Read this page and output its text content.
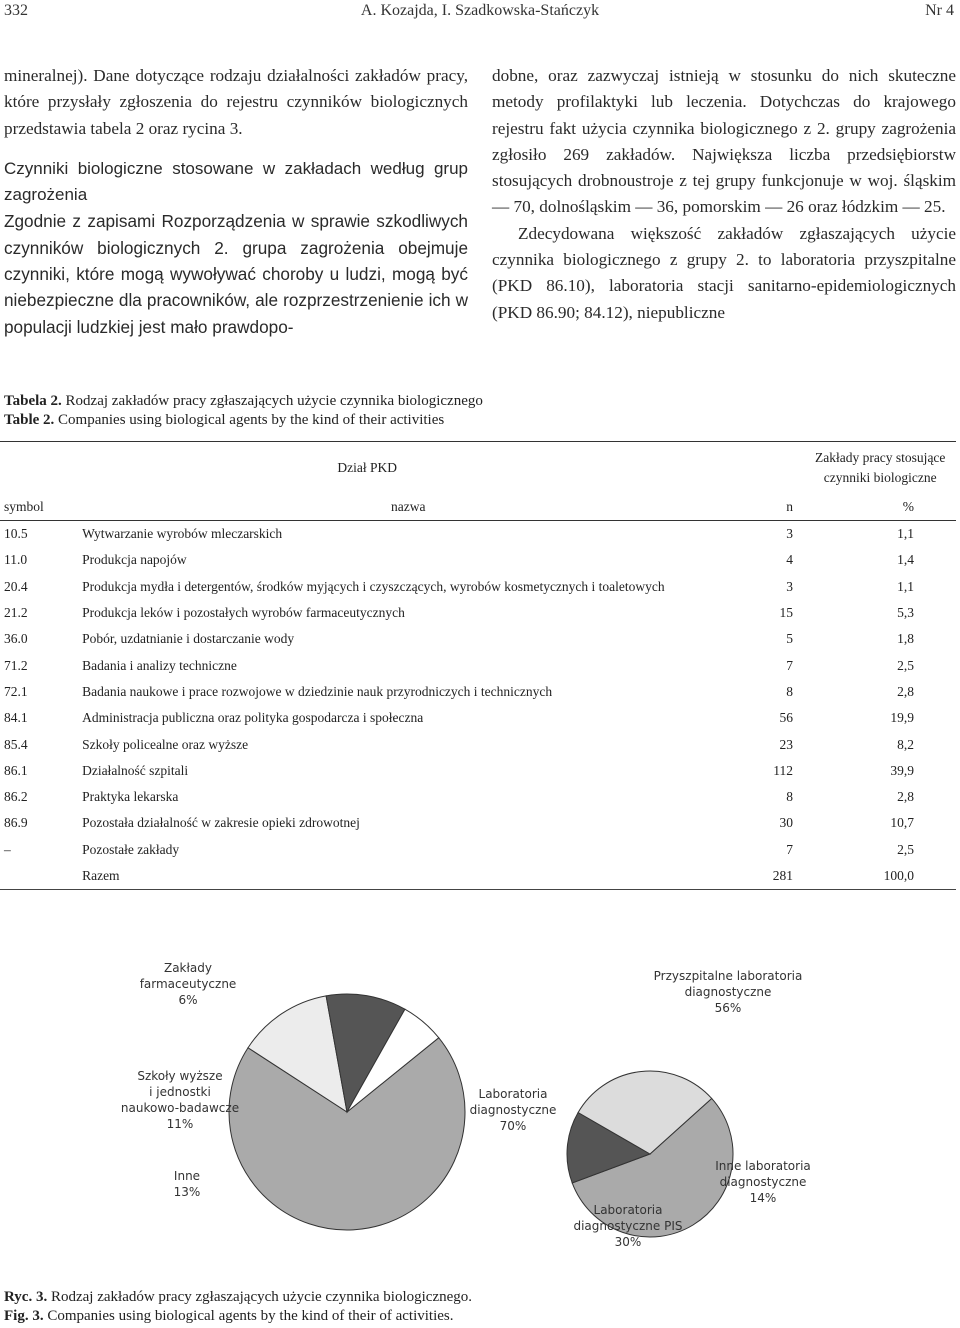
332	A. Kozajda, I. Szadkowska-Stańczyk	Nr 4

mineralnej). Dane dotyczące rodzaju działalności zakładów pracy, które przysłały zgłoszenia do rejestru czynników biologicznych przedstawia tabela 2 oraz rycina 3.

Czynniki biologiczne stosowane w zakładach według grup zagrożenia

Zgodnie z zapisami Rozporządzenia w sprawie szkodliwych czynników biologicznych 2. grupa zagrożenia obejmuje czynniki, które mogą wywoływać choroby u ludzi, mogą być niebezpieczne dla pracowników, ale rozprzestrzenienie ich w populacji ludzkiej jest mało prawdopo-

dobne, oraz zazwyczaj istnieją w stosunku do nich skuteczne metody profilaktyki lub leczenia. Dotychczas do krajowego rejestru fakt użycia czynnika biologicznego z 2. grupy zagrożenia zgłosiło 269 zakładów. Największa liczba przedsiębiorstw stosujących drobnoustroje z tej grupy funkcjonuje w woj. śląskim — 70, dolnośląskim — 36, pomorskim — 26 oraz łódzkim — 25.

Zdecydowana większość zakładów zgłaszających użycie czynnika biologicznego z grupy 2. to laboratoria przyszpitalne (PKD 86.10), laboratoria stacji sanitarno-epidemiologicznych (PKD 86.90; 84.12), niepubliczne

Tabela 2. Rodzaj zakładów pracy zgłaszających użycie czynnika biologicznego
Table 2. Companies using biological agents by the kind of their activities
Dział PKD		Zakłady pracy stosujące
czynniki biologiczne	

symbol	nazwa	n	%
10.5	Wytwarzanie wyrobów mleczarskich	3	1,1
11.0	Produkcja napojów	4	1,4
20.4	Produkcja mydła i detergentów, środków myjących i czyszczących, wyrobów kosmetycznych i toaletowych	3	1,1
21.2	Produkcja leków i pozostałych wyrobów farmaceutycznych	15	5,3
36.0	Pobór, uzdatnianie i dostarczanie wody	5	1,8
71.2	Badania i analizy techniczne	7	2,5
72.1	Badania naukowe i prace rozwojowe w dziedzinie nauk przyrodniczych i technicznych	8	2,8
84.1	Administracja publiczna oraz polityka gospodarcza i społeczna	56	19,9
85.4	Szkoły policealne oraz wyższe	23	8,2
86.1	Działalność szpitali	112	39,9
86.2	Praktyka lekarska	8	2,8
86.9	Pozostała działalność w zakresie opieki zdrowotnej	30	10,7
–	Pozostałe zakłady	7	2,5
	Razem	281	100,0
Laboratoria diagnostyczne 70%
Inne 13%
Szkoły wyższe i jednostki naukowo-badawcze 11%
Zakłady farmaceutyczne 6%
Przyszpitalne laboratoria diagnostyczne 56%
Inne laboratoria diagnostyczne 14%
Laboratoria diagnostyczne PIS 30%
Ryc. 3. Rodzaj zakładów pracy zgłaszających użycie czynnika biologicznego.
Fig. 3. Companies using biological agents by the kind of their of activities.
